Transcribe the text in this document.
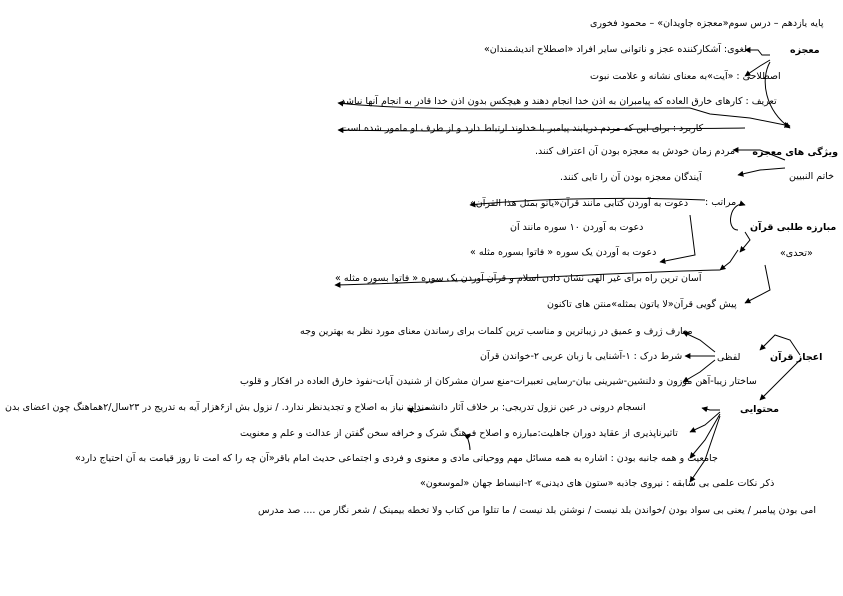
پایه یازدهم – درس سوم«معجزه جاویدان» – محمود فخوری
معجزه
لغوی: آشکارکننده عجز و ناتوانی سایر افراد «اصطلاح اندیشمندان»
اصطلاحی : «آیت»به معنای نشانه و علامت نبوت
تعریف : کارهای خارق العاده که پیامبران به اذن خدا انجام دهند و هیچکس بدون اذن خدا قادر به انجام آنها نباشد.
کاربرد : برای این که مردم دریابند پیامبر با خداوند ارتباط دارد و از طرف او مامور شده است.
ویژگی های معجزه
خاتم النبیین
مردم زمان خودش به معجزه بودن آن اعتراف کنند.
آیندگان معجزه بودن آن را تایی کنند.
مبارزه طلبی قرآن
«تحدی»
مراتب :
دعوت به آوردن کتابی مانند قرآن«یاتو بمثل هذا القرآن»
دعوت به آوردن ۱۰ سوره مانند آن
دعوت به آوردن یک سوره « فاتوا بسوره مثله »
آسان ترین راه برای غیر الهی نشان دادن اسلام و قرآن آوردن یک سوره « فاتوا بسوره مثله »
پیش گویی قرآن«لا یاتون بمثله»منتن های تاکنون
اعجاز قرآن
لفظی
معارف ژرف و عمیق در زیباترین و مناسب ترین کلمات برای رساندن معنای مورد نظر به بهترین وجه
شرط درک : ۱-آشنایی با زبان عربی ۲-خواندن قرآن
ساختار زیبا-آهن موزون و دلنشین-شیرینی بیان-رسایی تعبیرات-منع سران مشرکان از شنیدن آیات-نفوذ خارق العاده در افکار و قلوب
محتوایی
انسجام درونی در عین نزول تدریجی: بر خلاف آثار دانشمندان نیاز به اصلاح و تجدیدنظر ندارد. / نزول بش از۶هزار آیه به تدریج در ۲۳سال/۲هماهنگ چون اعضای بدن
تاثیرناپذیری از عقاید دوران جاهلیت:مبارزه و اصلاح فرهنگ شرک و خرافه سخن گفتن از عدالت و علم و معنویت
جامعیت و همه جانبه بودن : اشاره به همه مسائل مهم ووحیاتی مادی و معنوی و فردی و اجتماعی حدیث امام باقر«آن چه را که امت تا روز قیامت به آن احتیاج دارد»
ذکر نکات علمی بی سابقه : نیروی جاذبه «ستون های دیدنی» ۲-انبساط جهان «لموسعون»
امی بودن پیامبر / یعنی بی سواد بودن /خواندن بلد نیست / نوشتن بلد نیست / ما تتلوا من کتاب ولا تخطه بیمینک / شعر نگار من .... صد مدرس
